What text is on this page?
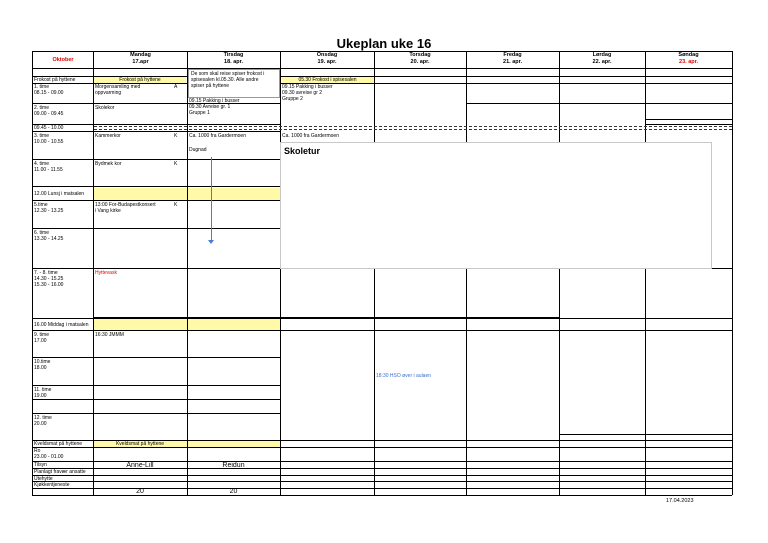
Ukeplan uke 16
Oktober
Mandag
17.apr
Tirsdag
18. apr.
Onsdag
19. apr.
Torsdag
20. apr.
Fredag
21. apr.
Lørdag
22. apr.
Søndag
23. apr.
Frokost på hyttene
1. time
08.15 - 09.00
2. time
09.00 - 09.45
09.45 - 10.00
3. time
10.00 - 10.55
4. time
11.00 - 11.55
12.00 Lunsj i matsalen
5.time
12.30 - 13.25
6. time
13.30 - 14.25
7. - 8. time
14.30 - 15.25
15.30 - 16.00
16.00 Middag i matsalen
9. time
17.00
10.time
18.00
11. time
19.00
12. time
20.00
Kveldsmat på hyttene
Ro
23.00 - 01.00
Tilsyn
Planlagt fravær ansatte
Utehytte
Kjøkkentjeneste
Frokost på hyttene
Morgensamling med
oppvarming
A
Skolekor
Kammerkor	K
Bydmek kor	K
13:00 For-Budapestkonsert
i Vang kirke
K
Hyttevask
16:30 JMMM
Kveldsmat på hyttene
Anne-Lill
20
De som skal reise spiser frokost i
spisesalen kl.05.30. Alle andre
spiser på hyttene
09.15 Pakking i busser
09.30 Avreise gr. 1
Gruppe 1
Ca. 1000 fra Gardermoen
Dugnad
Reidun
20
05.30 Frokost i spisesalen
09.15 Pakking i busser
09.30 avreise gr 2
Gruppe 2
Ca. 1000 fra Gardermoen
Skoletur
18:30 HSO øver i aulaen
17.04.2023
